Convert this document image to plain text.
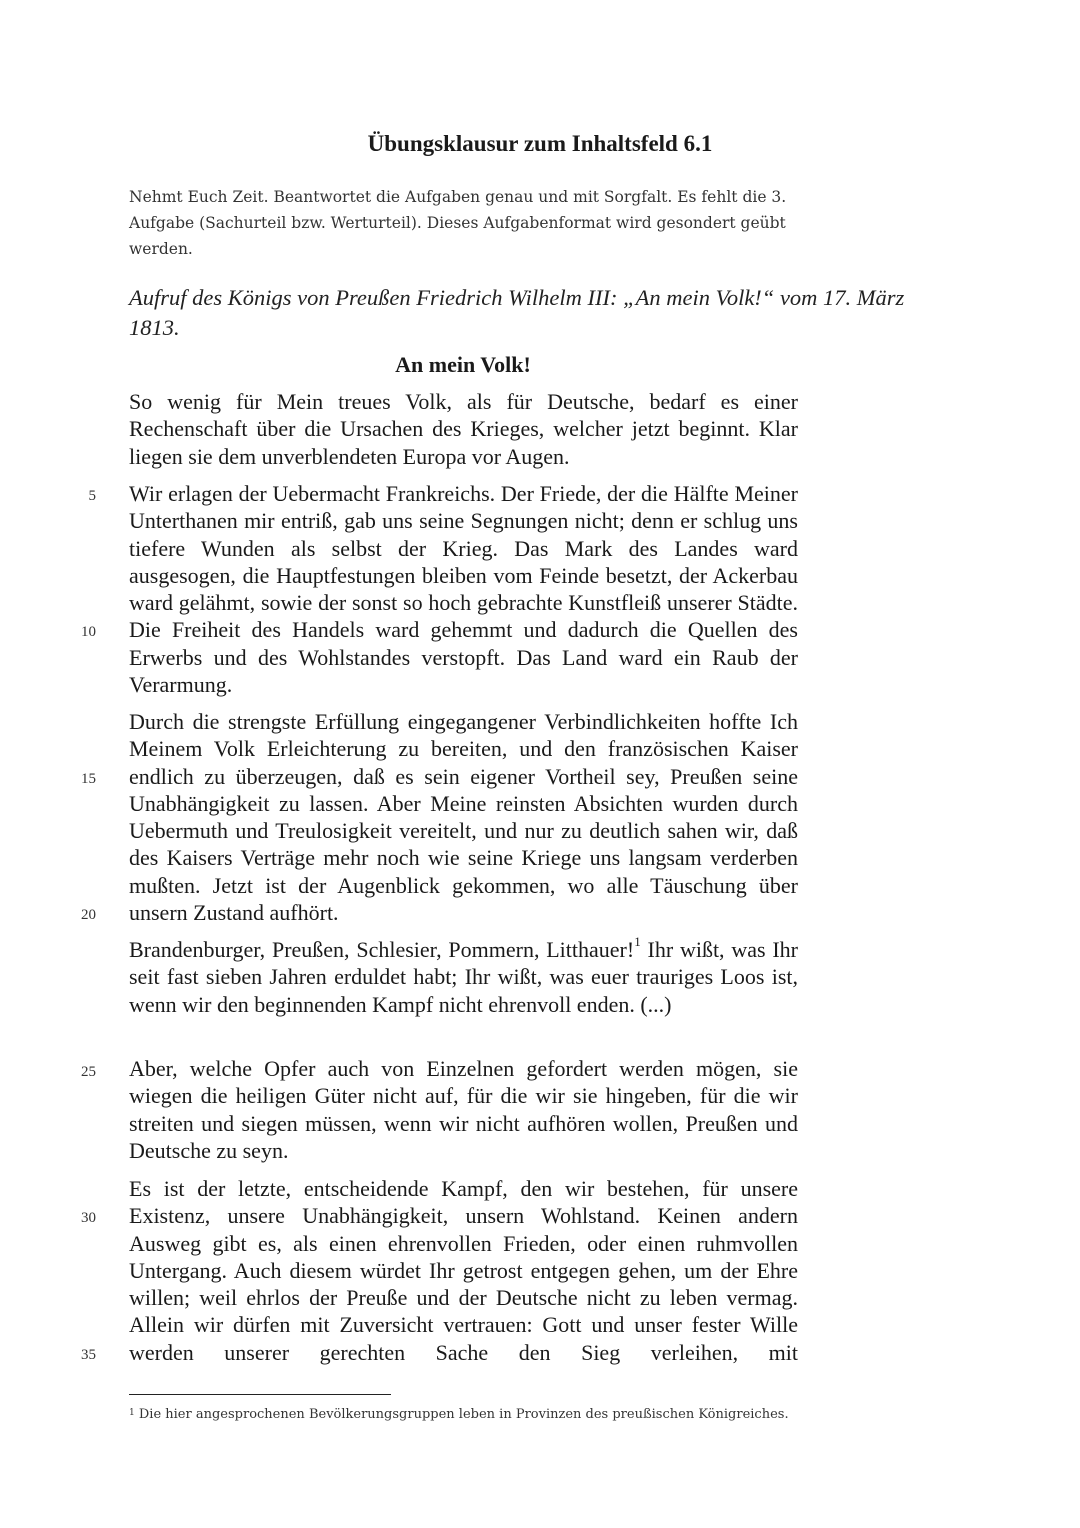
Übungsklausur zum Inhaltsfeld 6.1

Nehmt Euch Zeit. Beantwortet die Aufgaben genau und mit Sorgfalt. Es fehlt die 3. Aufgabe (Sachurteil bzw. Werturteil). Dieses Aufgabenformat wird gesondert geübt werden.

Aufruf des Königs von Preußen Friedrich Wilhelm III: „An mein Volk!“ vom 17. März 1813.

An mein Volk!

So wenig für Mein treues Volk, als für Deutsche, bedarf es einer Rechenschaft über die Ursachen des Krieges, welcher jetzt beginnt. Klar liegen sie dem unverblendeten Europa vor Augen.

Wir erlagen der Uebermacht Frankreichs. Der Friede, der die Hälfte Meiner Unterthanen mir entriß, gab uns seine Segnungen nicht; denn er schlug uns tiefere Wunden als selbst der Krieg. Das Mark des Landes ward ausgesogen, die Hauptfestungen bleiben vom Feinde besetzt, der Ackerbau ward gelähmt, sowie der sonst so hoch gebrachte Kunstfleiß unserer Städte. Die Freiheit des Handels ward gehemmt und dadurch die Quellen des Erwerbs und des Wohlstandes verstopft. Das Land ward ein Raub der Verarmung.

Durch die strengste Erfüllung eingegangener Verbindlichkeiten hoffte Ich Meinem Volk Erleichterung zu bereiten, und den französischen Kaiser endlich zu überzeugen, daß es sein eigener Vortheil sey, Preußen seine Unabhängigkeit zu lassen. Aber Meine reinsten Absichten wurden durch Uebermuth und Treulosigkeit vereitelt, und nur zu deutlich sahen wir, daß des Kaisers Verträge mehr noch wie seine Kriege uns langsam verderben mußten. Jetzt ist der Augenblick gekommen, wo alle Täuschung über unsern Zustand aufhört.

Brandenburger, Preußen, Schlesier, Pommern, Litthauer!$^1$ Ihr wißt, was Ihr seit fast sieben Jahren erduldet habt; Ihr wißt, was euer trauriges Loos ist, wenn wir den beginnenden Kampf nicht ehrenvoll enden. (...)

Aber, welche Opfer auch von Einzelnen gefordert werden mögen, sie wiegen die heiligen Güter nicht auf, für die wir sie hingeben, für die wir streiten und siegen müssen, wenn wir nicht aufhören wollen, Preußen und Deutsche zu seyn.

Es ist der letzte, entscheidende Kampf, den wir bestehen, für unsere Existenz, unsere Unabhängigkeit, unsern Wohlstand. Keinen andern Ausweg gibt es, als einen ehrenvollen Frieden, oder einen ruhmvollen Untergang. Auch diesem würdet Ihr getrost entgegen gehen, um der Ehre willen; weil ehrlos der Preuße und der Deutsche nicht zu leben vermag. Allein wir dürfen mit Zuversicht vertrauen: Gott und unser fester Wille werden unserer gerechten Sache den Sieg verleihen, mit

5
10
15
20
25
30
35

$^1$ Die hier angesprochenen Bevölkerungsgruppen leben in Provinzen des preußischen Königreiches.
